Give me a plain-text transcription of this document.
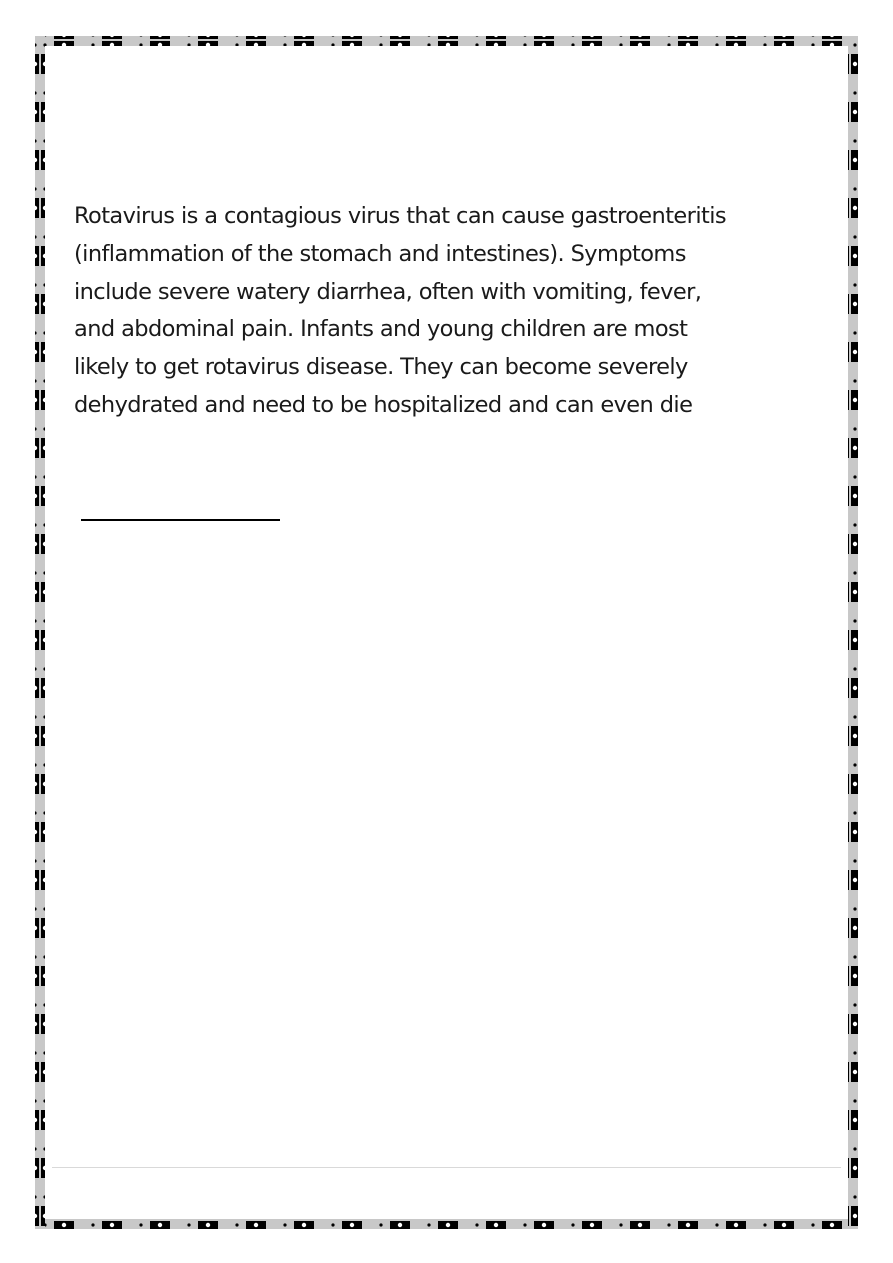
Rotavirus is a contagious virus that can cause gastroenteritis
(inflammation of the stomach and intestines). Symptoms
include severe watery diarrhea, often with vomiting, fever,
and abdominal pain. Infants and young children are most
likely to get rotavirus disease. They can become severely
dehydrated and need to be hospitalized and can even die
